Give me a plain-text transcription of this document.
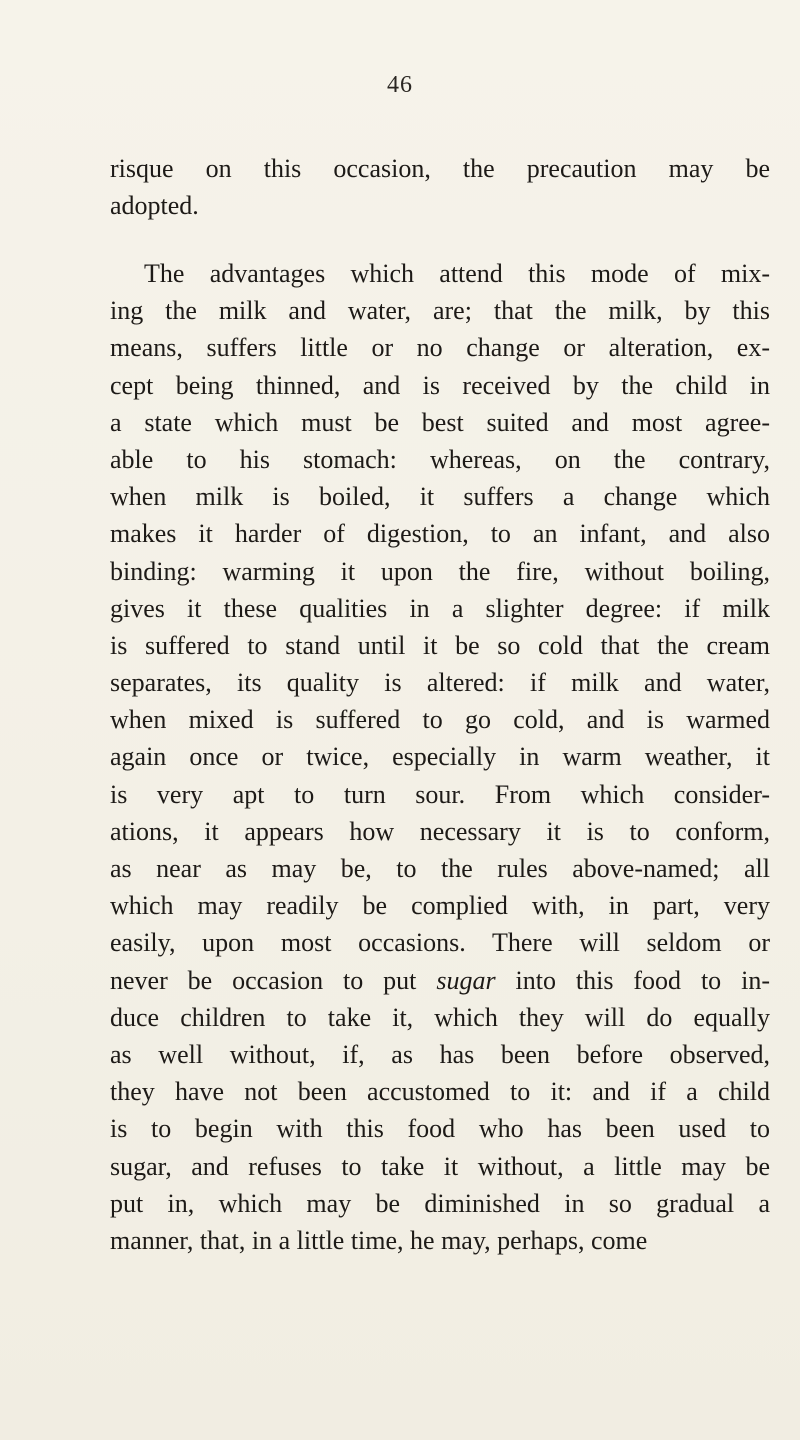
46
risque on this occasion, the precaution may be
adopted.
The advantages which attend this mode of mix-
ing the milk and water, are; that the milk, by this
means, suffers little or no change or alteration, ex-
cept being thinned, and is received by the child in
a state which must be best suited and most agree-
able to his stomach: whereas, on the contrary,
when milk is boiled, it suffers a change which
makes it harder of digestion, to an infant, and also
binding: warming it upon the fire, without boiling,
gives it these qualities in a slighter degree: if milk
is suffered to stand until it be so cold that the cream
separates, its quality is altered: if milk and water,
when mixed is suffered to go cold, and is warmed
again once or twice, especially in warm weather, it
is very apt to turn sour. From which consider-
ations, it appears how necessary it is to conform,
as near as may be, to the rules above-named; all
which may readily be complied with, in part, very
easily, upon most occasions. There will seldom or
never be occasion to put sugar into this food to in-
duce children to take it, which they will do equally
as well without, if, as has been before observed,
they have not been accustomed to it: and if a child
is to begin with this food who has been used to
sugar, and refuses to take it without, a little may be
put in, which may be diminished in so gradual a
manner, that, in a little time, he may, perhaps, come
